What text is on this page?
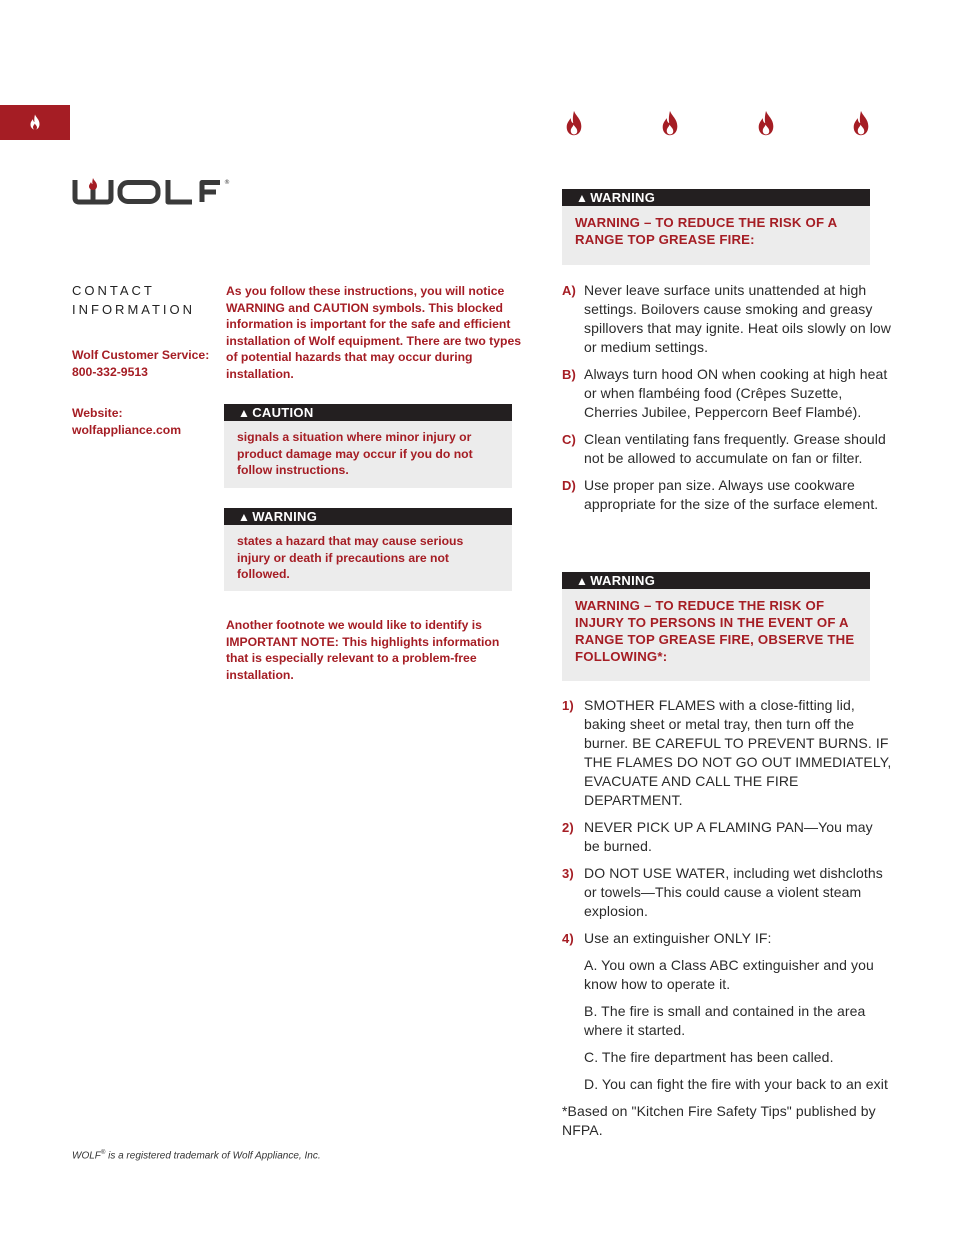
®
CONTACT
INFORMATION
Wolf Customer Service:
800-332-9513
Website:
wolfappliance.com
As you follow these instructions, you will notice WARNING and CAUTION symbols. This blocked information is important for the safe and efficient installation of Wolf equipment. There are two types of potential hazards that may occur during installation.
▲ CAUTION
signals a situation where minor injury or product damage may occur if you do not follow instructions.
▲ WARNING
states a hazard that may cause serious injury or death if precautions are not followed.
Another footnote we would like to identify is IMPORTANT NOTE: This highlights information that is especially relevant to a problem-free installation.
▲ WARNING
WARNING – TO REDUCE THE RISK OF A RANGE TOP GREASE FIRE:
A) Never leave surface units unattended at high settings. Boilovers cause smoking and greasy spillovers that may ignite. Heat oils slowly on low or medium settings.
B) Always turn hood ON when cooking at high heat or when flambéing food (Crêpes Suzette, Cherries Jubilee, Peppercorn Beef Flambé).
C) Clean ventilating fans frequently. Grease should not be allowed to accumulate on fan or filter.
D) Use proper pan size. Always use cookware appropriate for the size of the surface element.
▲ WARNING
WARNING – TO REDUCE THE RISK OF INJURY TO PERSONS IN THE EVENT OF A RANGE TOP GREASE FIRE, OBSERVE THE FOLLOWING*:
1) SMOTHER FLAMES with a close-fitting lid, baking sheet or metal tray, then turn off the burner. BE CAREFUL TO PREVENT BURNS. IF THE FLAMES DO NOT GO OUT IMMEDIATELY, EVACUATE AND CALL THE FIRE DEPARTMENT.
2) NEVER PICK UP A FLAMING PAN—You may be burned.
3) DO NOT USE WATER, including wet dishcloths or towels—This could cause a violent steam explosion.
4) Use an extinguisher ONLY IF:
A. You own a Class ABC extinguisher and you know how to operate it.
B. The fire is small and contained in the area where it started.
C. The fire department has been called.
D. You can fight the fire with your back to an exit
*Based on "Kitchen Fire Safety Tips" published by NFPA.
WOLF® is a registered trademark of Wolf Appliance, Inc.
